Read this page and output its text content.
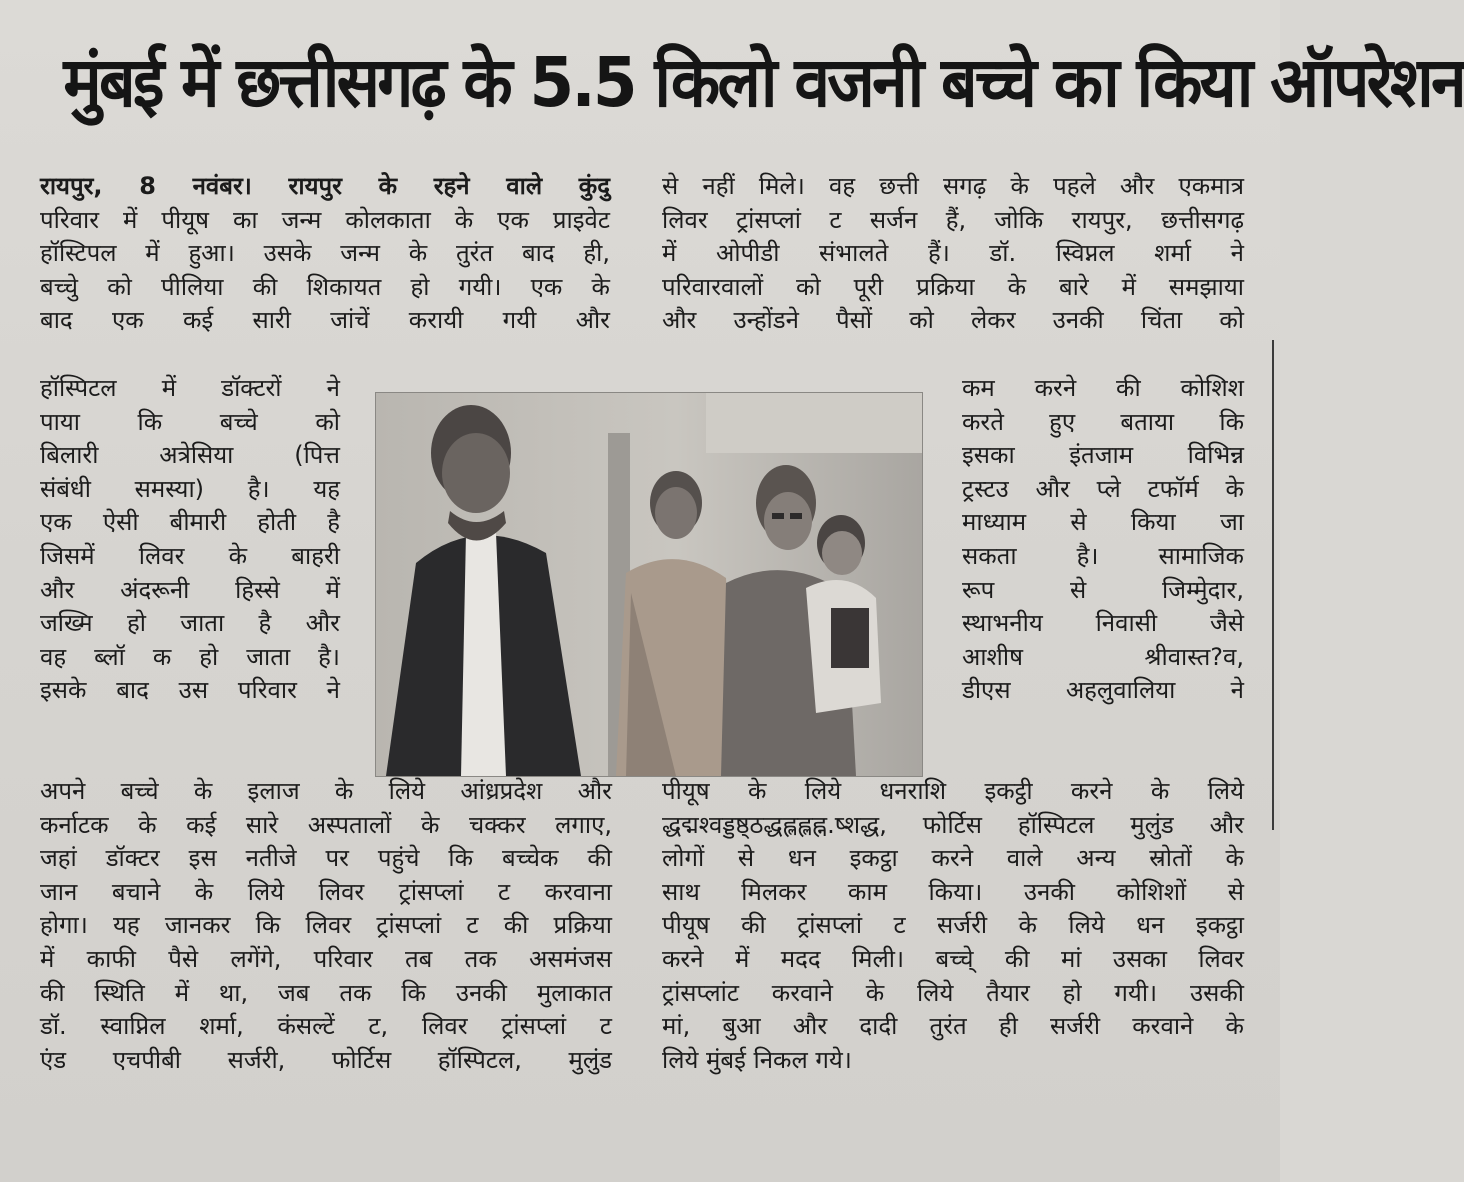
मुंबई में छत्तीसगढ़ के 5.5 किलो वजनी बच्चे का किया ऑपरेशन
रायपुर, 8 नवंबर। रायपुर के रहने वाले कुंदु
परिवार में पीयूष का जन्म कोलकाता के एक प्राइवेट
हॉस्टिपल में हुआ। उसके जन्म के तुरंत बाद ही,
बच्चेु को पीलिया की शिकायत हो गयी। एक के
बाद एक कई सारी जांचें करायी गयी और
हॉस्पिटल में डॉक्टरों ने
पाया कि बच्चे को
बिलारी अत्रेसिया (पित्त
संबंधी समस्या) है। यह
एक ऐसी बीमारी होती है
जिसमें लिवर के बाहरी
और अंदरूनी हिस्से में
जख्मि हो जाता है और
वह ब्लॉ क हो जाता है।
इसके बाद उस परिवार ने
अपने बच्चे के इलाज के लिये आंध्रप्रदेश और
कर्नाटक के कई सारे अस्पतालों के चक्कर लगाए,
जहां डॉक्टर इस नतीजे पर पहुंचे कि बच्चेक की
जान बचाने के लिये लिवर ट्रांसप्लां ट करवाना
होगा। यह जानकर कि लिवर ट्रांसप्लां ट की प्रक्रिया
में काफी पैसे लगेंगे, परिवार तब तक असमंजस
की स्थिति में था, जब तक कि उनकी मुलाकात
डॉ. स्वाप्निल शर्मा, कंसल्टें ट, लिवर ट्रांसप्लां ट
एंड एचपीबी सर्जरी, फोर्टिस हॉस्पिटल, मुलुंड
से नहीं मिले। वह छत्ती सगढ़ के पहले और एकमात्र
लिवर ट्रांसप्लां ट सर्जन हैं, जोकि रायपुर, छत्तीसगढ़
में ओपीडी संभालते हैं। डॉ. स्विप्नल शर्मा ने
परिवारवालों को पूरी प्रक्रिया के बारे में समझाया
और उन्होंडने पैसों को लेकर उनकी चिंता को
कम करने की कोशिश
करते हुए बताया कि
इसका इंतजाम विभिन्न
ट्रस्टउ और प्ले टफॉर्म के
माध्याम से किया जा
सकता है। सामाजिक
रूप से जिम्मेुदार,
स्थाभनीय निवासी जैसे
आशीष श्रीवास्त?व,
डीएस अहलुवालिया ने
पीयूष के लिये धनराशि इकट्ठी करने के लिये
द्धद्मश्वड्डष्ठ्ठद्धह्लह्लह्न.ष्शद्ध, फोर्टिस हॉस्पिटल मुलुंड और
लोगों से धन इकट्ठा करने वाले अन्य स्रोतों के
साथ मिलकर काम किया। उनकी कोशिशों से
पीयूष की ट्रांसप्लां ट सर्जरी के लिये धन इकट्ठा
करने में मदद मिली। बच्चे् की मां उसका लिवर
ट्रांसप्लांट करवाने के लिये तैयार हो गयी। उसकी
मां, बुआ और दादी तुरंत ही सर्जरी करवाने के
लिये मुंबई निकल गये।
